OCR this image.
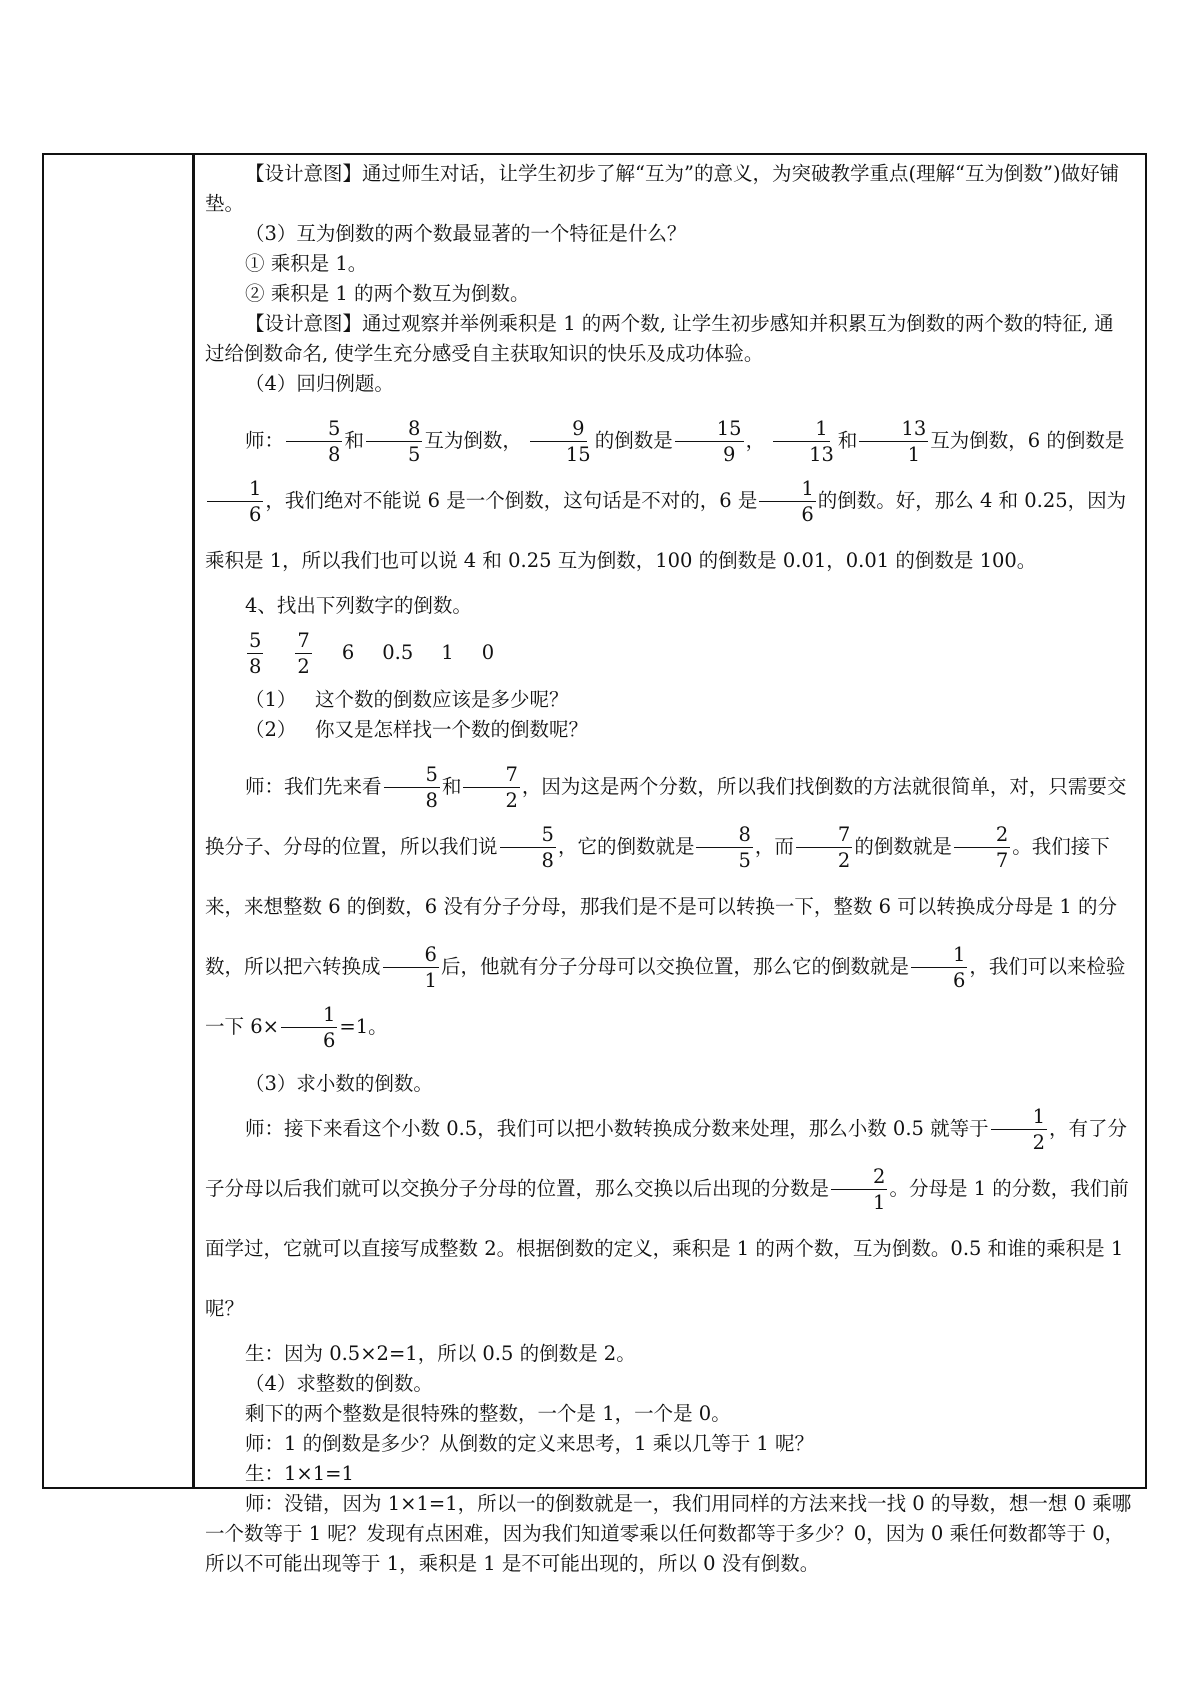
【设计意图】通过师生对话，让学生初步了解“互为”的意义，为突破教学重点(理解“互为倒数”)做好铺垫。

（3）互为倒数的两个数最显著的一个特征是什么？

① 乘积是 1。

② 乘积是 1 的两个数互为倒数。

【设计意图】通过观察并举例乘积是 1 的两个数, 让学生初步感知并积累互为倒数的两个数的特征, 通过给倒数命名, 使学生充分感受自主获取知识的快乐及成功体验。

（4）回归例题。

师： $\frac{5}{8}$ 和 $\frac{8}{5}$ 互为倒数， $\frac{9}{15}$ 的倒数是 $\frac{15}{9}$ ， $\frac{1}{13}$ 和 $\frac{13}{1}$ 互为倒数，6 的倒数是
$\frac{1}{6}$ ，我们绝对不能说 6 是一个倒数，这句话是不对的，6 是 $\frac{1}{6}$ 的倒数。好，那么 4 和 0.25，因为乘积是 1，所以我们也可以说 4 和 0.25 互为倒数，100 的倒数是 0.01，0.01 的倒数是 100。

4、找出下列数字的倒数。

$\frac{5}{8} \frac{7}{2} 6$ 0.5 1 0

（1） 这个数的倒数应该是多少呢？

（2） 你又是怎样找一个数的倒数呢？

师：我们先来看 $\frac{5}{8}$ 和 $\frac{7}{2}$ ，因为这是两个分数，所以我们找倒数的方法就很简单，对，只需要交换分子、分母的位置，所以我们说 $\frac{5}{8}$ ，它的倒数就是 $\frac{8}{5}$ ，而 $\frac{7}{2}$ 的倒数就是 $\frac{2}{7}$ 。我们接下来，来想整数 6 的倒数，6 没有分子分母，那我们是不是可以转换一下，整数 6 可以转换成分母是 1 的分数，所以把六转换成 $\frac{6}{1}$ 后，他就有分子分母可以交换位置，那么它的倒数就是 $\frac{1}{6}$ ，我们可以来检验一下 $6\times \frac{1}{6} =1$。

（3）求小数的倒数。

师：接下来看这个小数 0.5，我们可以把小数转换成分数来处理，那么小数 0.5 就等于 $\frac{1}{2}$ ，有了分子分母以后我们就可以交换分子分母的位置，那么交换以后出现的分数是 $\frac{2}{1}$ 。分母是 1 的分数，我们前面学过，它就可以直接写成整数 2。根据倒数的定义，乘积是 1 的两个数，互为倒数。0.5 和谁的乘积是 1 呢？

生：因为 0.5×2=1，所以 0.5 的倒数是 2。

（4）求整数的倒数。

剩下的两个整数是很特殊的整数，一个是 1，一个是 0。

师：1 的倒数是多少？从倒数的定义来思考，1 乘以几等于 1 呢？

生：1×1=1

师：没错，因为 1×1=1，所以一的倒数就是一，我们用同样的方法来找一找 0 的导数，想一想 0 乘哪一个数等于 1 呢？发现有点困难，因为我们知道零乘以任何数都等于多少？0，因为 0 乘任何数都等于 0，所以不可能出现等于 1，乘积是 1 是不可能出现的，所以 0 没有倒数。
